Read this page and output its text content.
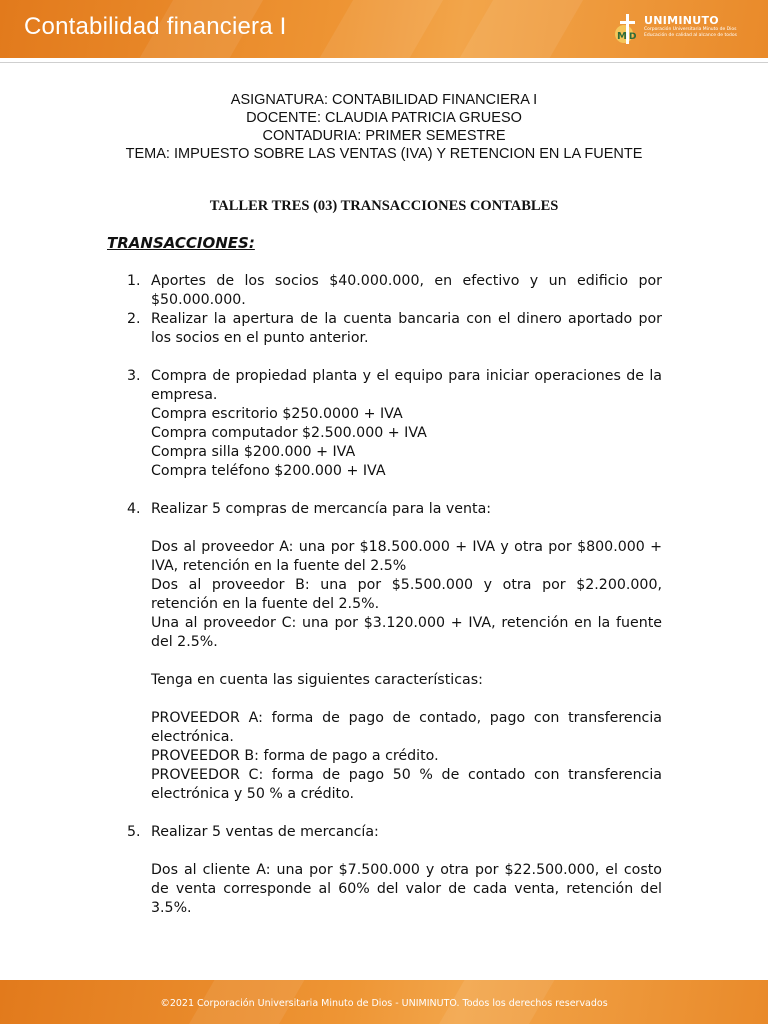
Contabilidad financiera I	M D
UNIMINUTO
Corporación Universitaria Minuto de Dios
Educación de calidad al alcance de todos
ASIGNATURA: CONTABILIDAD FINANCIERA I
DOCENTE: CLAUDIA PATRICIA GRUESO
CONTADURIA: PRIMER SEMESTRE
TEMA: IMPUESTO SOBRE LAS VENTAS (IVA) Y RETENCION EN LA FUENTE
TALLER TRES (03) TRANSACCIONES CONTABLES
TRANSACCIONES:
1. Aportes de los socios $40.000.000, en efectivo y un edificio por $50.000.000.
2. Realizar la apertura de la cuenta bancaria con el dinero aportado por los socios en el punto anterior.
3. Compra de propiedad planta y el equipo para iniciar operaciones de la empresa.
Compra escritorio $250.0000 + IVA
Compra computador $2.500.000 + IVA
Compra silla $200.000 + IVA
Compra teléfono $200.000 + IVA
4. Realizar 5 compras de mercancía para la venta:
Dos al proveedor A: una por $18.500.000 + IVA y otra por $800.000 + IVA, retención en la fuente del 2.5%
Dos al proveedor B: una por $5.500.000 y otra por $2.200.000, retención en la fuente del 2.5%.
Una al proveedor C: una por $3.120.000 + IVA, retención en la fuente del 2.5%.
Tenga en cuenta las siguientes características:
PROVEEDOR A: forma de pago de contado, pago con transferencia electrónica.
PROVEEDOR B: forma de pago a crédito.
PROVEEDOR C: forma de pago 50 % de contado con transferencia electrónica y 50 % a crédito.
5. Realizar 5 ventas de mercancía:
Dos al cliente A: una por $7.500.000 y otra por $22.500.000, el costo de venta corresponde al 60% del valor de cada venta, retención del 3.5%.
©2021 Corporación Universitaria Minuto de Dios - UNIMINUTO. Todos los derechos reservados
